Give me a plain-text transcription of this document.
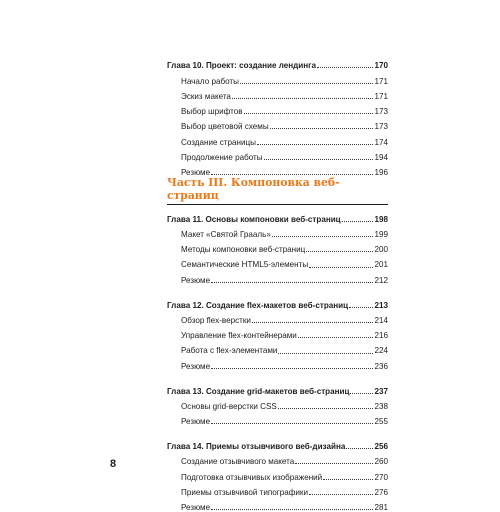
Глава 10. Проект: создание лендинга	170
Начало работы	171
Эскиз макета	171
Выбор шрифтов	173
Выбор цветовой схемы	173
Создание страницы	174
Продолжение работы	194
Резюме	196
Часть III. Компоновка веб-страниц
Глава 11. Основы компоновки веб-страниц	198
Макет «Святой Грааль»	199
Методы компоновки веб-страниц	200
Семантические HTML5-элементы	201
Резюме	212
Глава 12. Создание flex-макетов веб-страниц	213
Обзор flex-верстки	214
Управление flex-контейнерами	216
Работа с flex-элементами	224
Резюме	236
Глава 13. Создание grid-макетов веб-страниц	237
Основы grid-верстки CSS	238
Резюме	255
Глава 14. Приемы отзывчивого веб-дизайна	256
Создание отзывчивого макета	260
Подготовка отзывчивых изображений	270
Приемы отзывчивой типографики	276
Резюме	281
8
